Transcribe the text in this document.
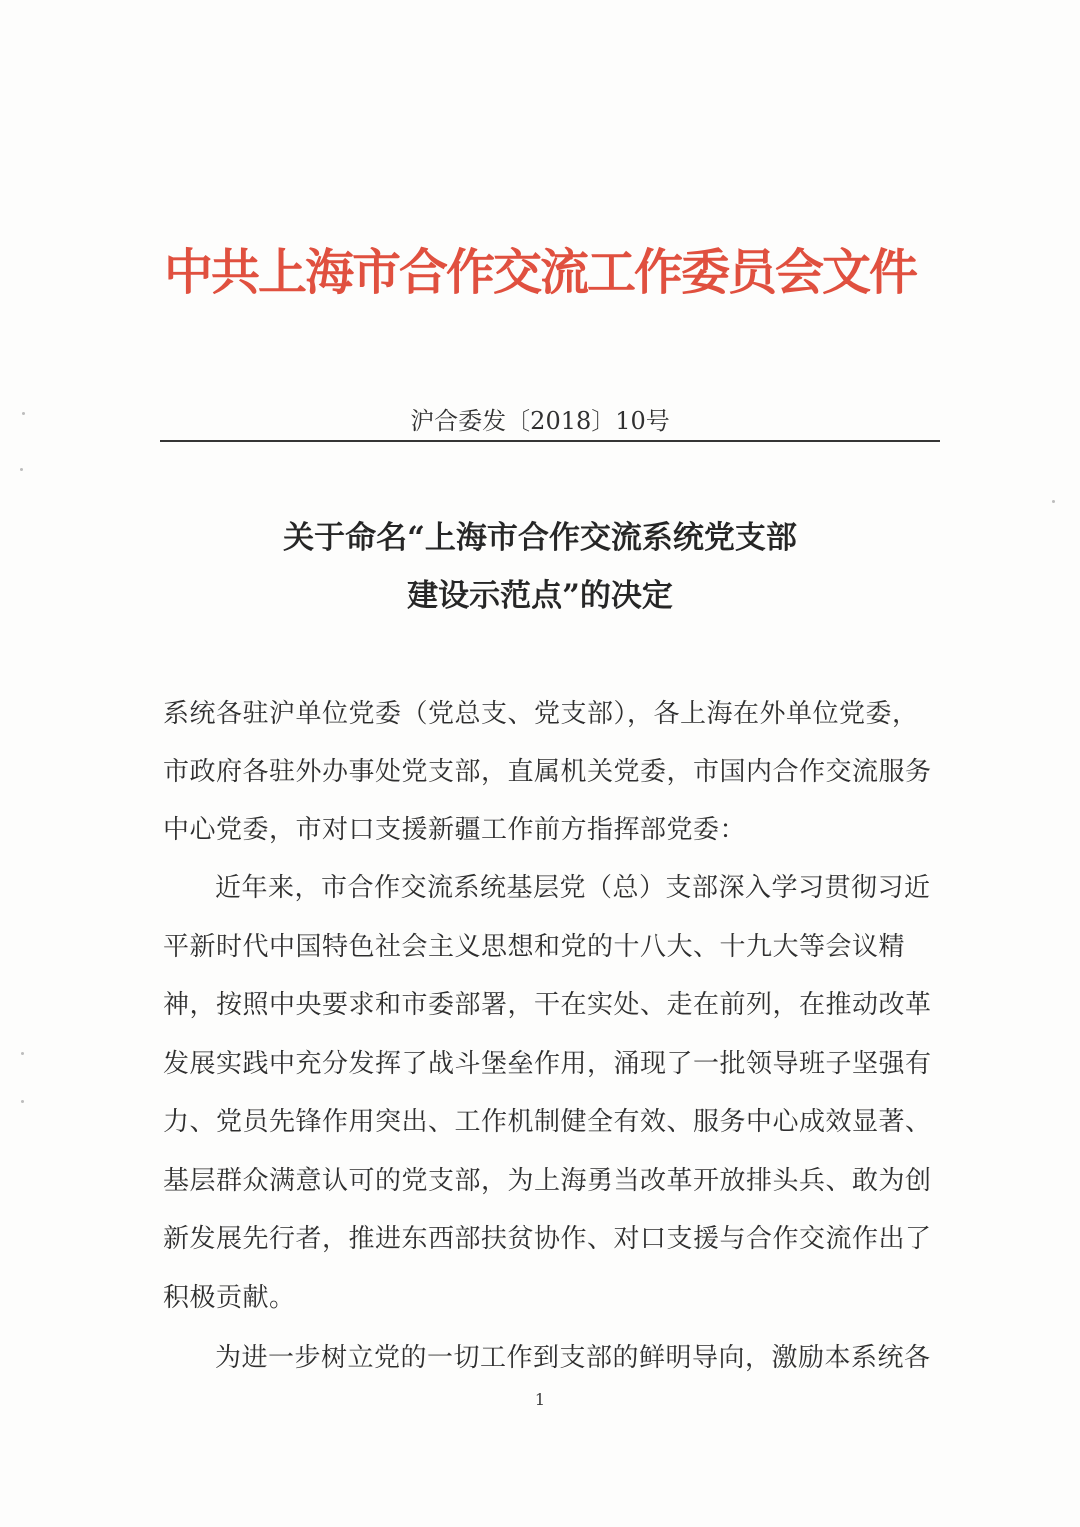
中共上海市合作交流工作委员会文件
沪合委发〔2018〕10号
关于命名“上海市合作交流系统党支部
建设示范点”的决定
系统各驻沪单位党委（党总支、党支部），各上海在外单位党委，
市政府各驻外办事处党支部，直属机关党委，市国内合作交流服务
中心党委，市对口支援新疆工作前方指挥部党委：
近年来，市合作交流系统基层党（总）支部深入学习贯彻习近
平新时代中国特色社会主义思想和党的十八大、十九大等会议精
神，按照中央要求和市委部署，干在实处、走在前列，在推动改革
发展实践中充分发挥了战斗堡垒作用，涌现了一批领导班子坚强有
力、党员先锋作用突出、工作机制健全有效、服务中心成效显著、
基层群众满意认可的党支部，为上海勇当改革开放排头兵、敢为创
新发展先行者，推进东西部扶贫协作、对口支援与合作交流作出了
积极贡献。
为进一步树立党的一切工作到支部的鲜明导向，激励本系统各
1
